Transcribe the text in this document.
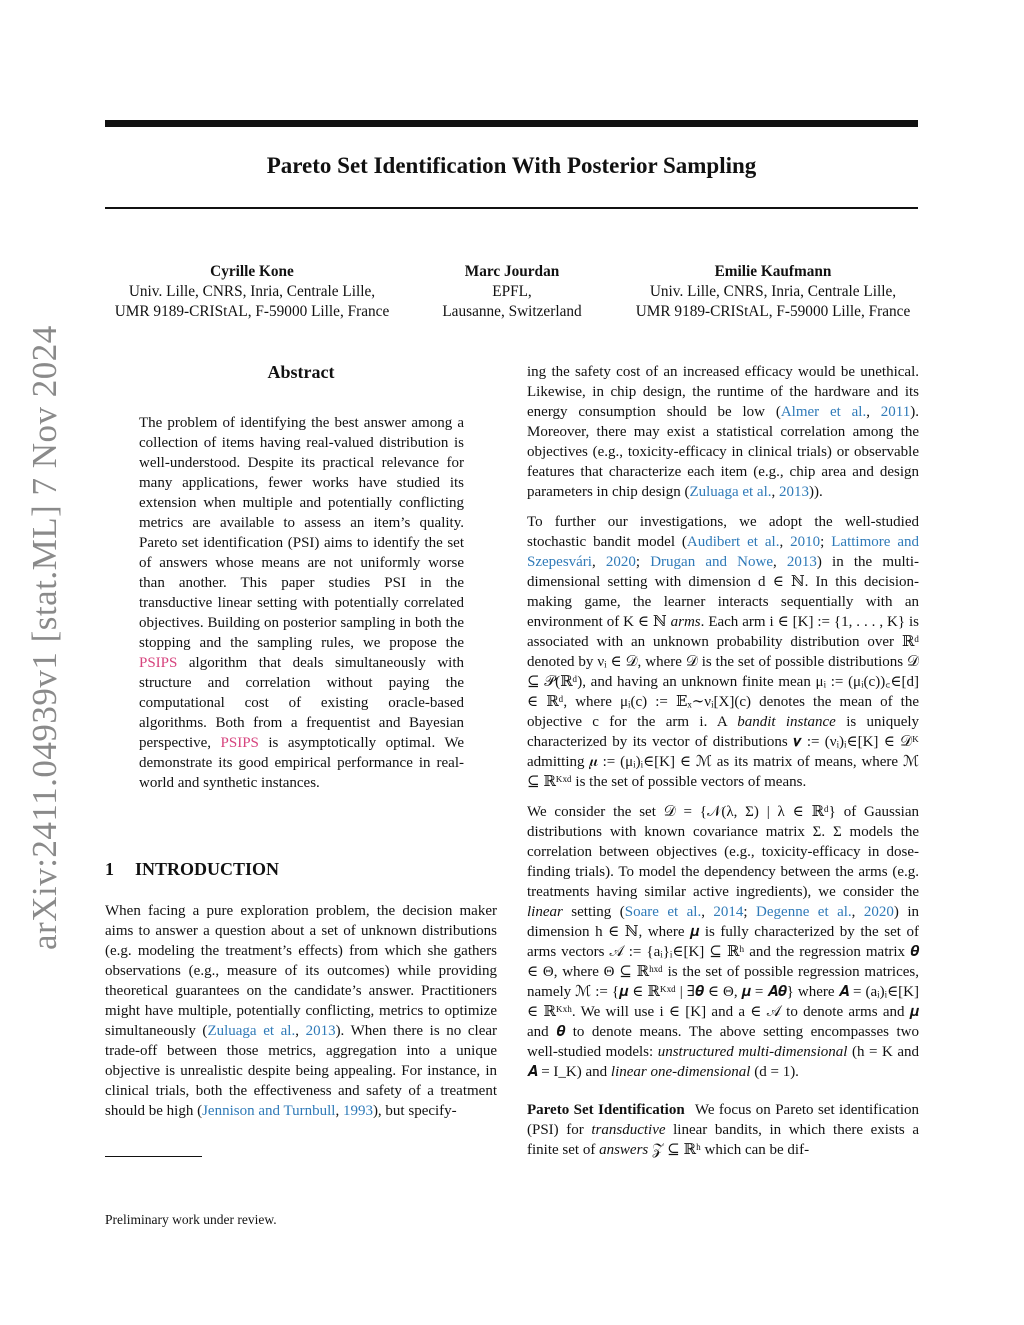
arXiv:2411.04939v1 [stat.ML] 7 Nov 2024
Pareto Set Identification With Posterior Sampling
Cyrille Kone
Univ. Lille, CNRS, Inria, Centrale Lille,
UMR 9189-CRIStAL, F-59000 Lille, France
Marc Jourdan
EPFL,
Lausanne, Switzerland
Emilie Kaufmann
Univ. Lille, CNRS, Inria, Centrale Lille,
UMR 9189-CRIStAL, F-59000 Lille, France
Abstract
The problem of identifying the best answer among a collection of items having real-valued distribution is well-understood. Despite its practical relevance for many applications, fewer works have studied its extension when multiple and potentially conflicting metrics are available to assess an item’s quality. Pareto set identification (PSI) aims to identify the set of answers whose means are not uniformly worse than another. This paper studies PSI in the transductive linear setting with potentially correlated objectives. Building on posterior sampling in both the stopping and the sampling rules, we propose the PSIPS algorithm that deals simultaneously with structure and correlation without paying the computational cost of existing oracle-based algorithms. Both from a frequentist and Bayesian perspective, PSIPS is asymptotically optimal. We demonstrate its good empirical performance in real-world and synthetic instances.
1 INTRODUCTION
When facing a pure exploration problem, the decision maker aims to answer a question about a set of unknown distributions (e.g. modeling the treatment’s effects) from which she gathers observations (e.g., measure of its outcomes) while providing theoretical guarantees on the candidate’s answer. Practitioners might have multiple, potentially conflicting, metrics to optimize simultaneously (Zuluaga et al., 2013). When there is no clear trade-off between those metrics, aggregation into a unique objective is unrealistic despite being appealing. For instance, in clinical trials, both the effectiveness and safety of a treatment should be high (Jennison and Turnbull, 1993), but specify-
Preliminary work under review.

ing the safety cost of an increased efficacy would be unethical. Likewise, in chip design, the runtime of the hardware and its energy consumption should be low (Almer et al., 2011). Moreover, there may exist a statistical correlation among the objectives (e.g., toxicity-efficacy in clinical trials) or observable features that characterize each item (e.g., chip area and design parameters in chip design (Zuluaga et al., 2013)).

To further our investigations, we adopt the well-studied stochastic bandit model (Audibert et al., 2010; Lattimore and Szepesvári, 2020; Drugan and Nowe, 2013) in the multi-dimensional setting with dimension d ∈ ℕ. In this decision-making game, the learner interacts sequentially with an environment of K ∈ ℕ arms. Each arm i ∈ [K] := {1, . . . , K} is associated with an unknown probability distribution over ℝᵈ denoted by νᵢ ∈ 𝒟, where 𝒟 is the set of possible distributions 𝒟 ⊆ 𝒫(ℝᵈ), and having an unknown finite mean μᵢ := (μᵢ(c))꜀∈[d] ∈ ℝᵈ, where μᵢ(c) := 𝔼ₓ∼νᵢ[X](c) denotes the mean of the objective c for the arm i. A bandit instance is uniquely characterized by its vector of distributions 𝝂 := (νᵢ)ᵢ∈[K] ∈ 𝒟ᴷ admitting 𝝁 := (μᵢ)ᵢ∈[K] ∈ ℳ as its matrix of means, where ℳ ⊆ ℝᴷˣᵈ is the set of possible vectors of means.

We consider the set 𝒟 = {𝒩(λ, Σ) | λ ∈ ℝᵈ} of Gaussian distributions with known covariance matrix Σ. Σ models the correlation between objectives (e.g., toxicity-efficacy in dose-finding trials). To model the dependency between the arms (e.g. treatments having similar active ingredients), we consider the linear setting (Soare et al., 2014; Degenne et al., 2020) in dimension h ∈ ℕ, where 𝝁 is fully characterized by the set of arms vectors 𝒜 := {aᵢ}ᵢ∈[K] ⊆ ℝʰ and the regression matrix 𝜽 ∈ Θ, where Θ ⊆ ℝʰˣᵈ is the set of possible regression matrices, namely ℳ := {𝝁 ∈ ℝᴷˣᵈ | ∃𝜽 ∈ Θ, 𝝁 = 𝑨𝜽} where 𝑨 = (aᵢ)ᵢ∈[K] ∈ ℝᴷˣʰ. We will use i ∈ [K] and a ∈ 𝒜 to denote arms and 𝝁 and 𝜽 to denote means. The above setting encompasses two well-studied models: unstructured multi-dimensional (h = K and 𝑨 = I_K) and linear one-dimensional (d = 1).

Pareto Set Identification We focus on Pareto set identification (PSI) for transductive linear bandits, in which there exists a finite set of answers 𝒵 ⊆ ℝʰ which can be dif-
